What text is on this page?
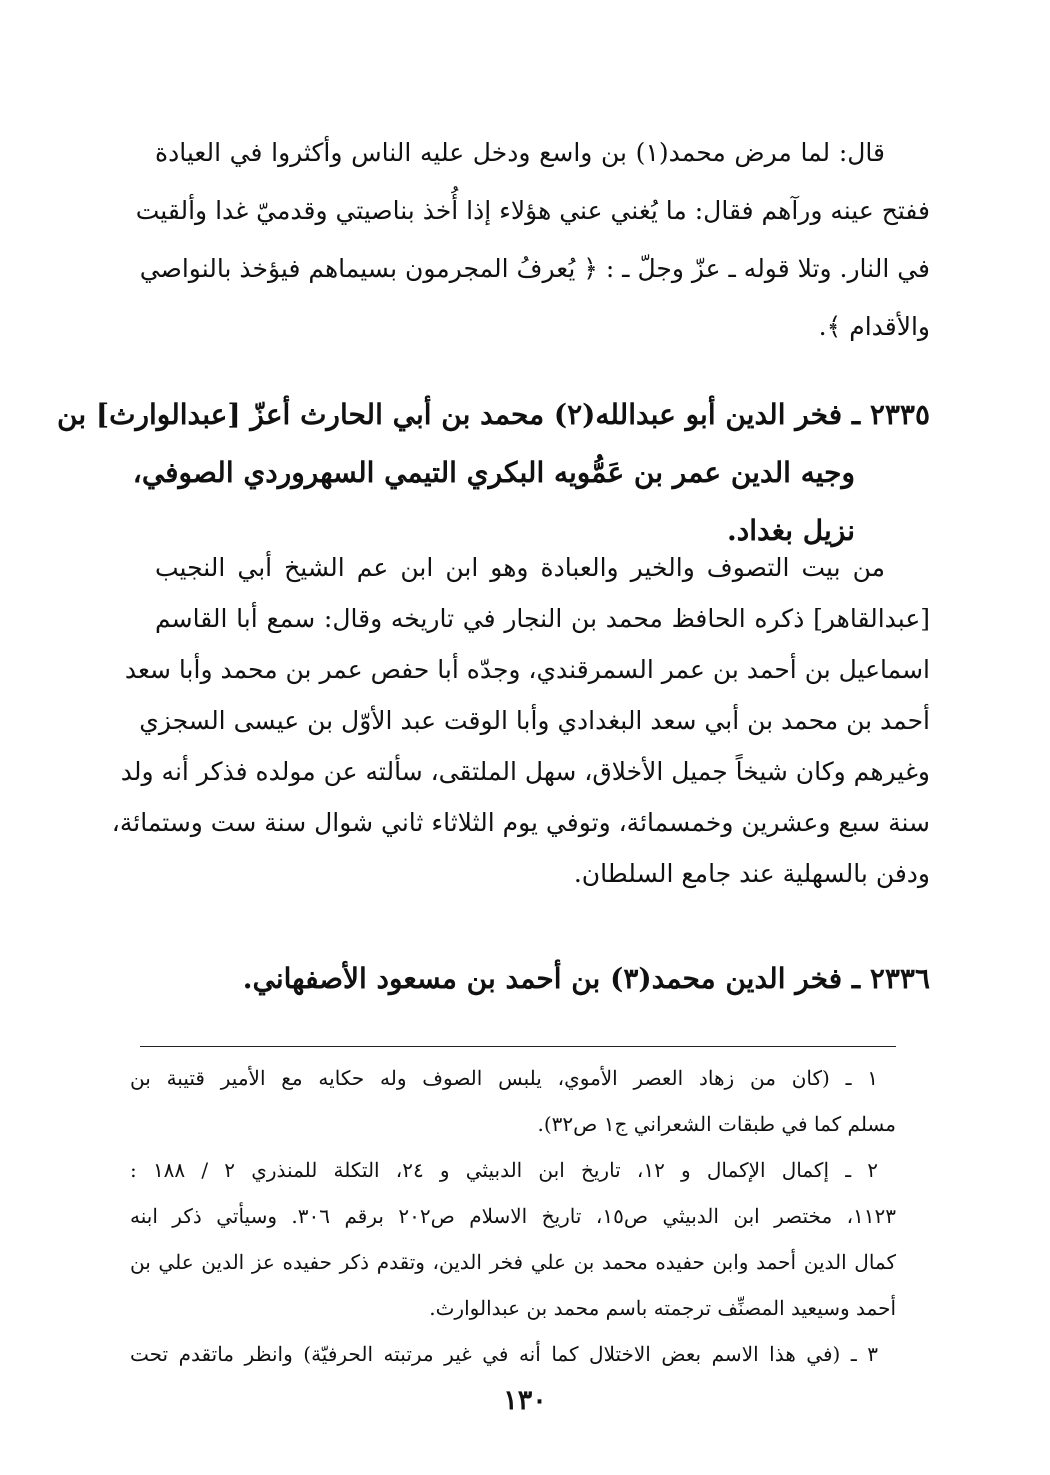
قال: لما مرض محمد(١) بن واسع ودخل عليه الناس وأكثروا في العيادة
ففتح عينه ورآهم فقال: ما يُغني عني هؤلاء إذا أُخذ بناصيتي وقدميّ غدا وألقيت
في النار. وتلا قوله ـ عزّ وجلّ ـ : ﴿ يُعرفُ المجرمون بسيماهم فيؤخذ بالنواصي
والأقدام ﴾.
٢٣٣٥ ـ فخر الدين أبو عبدالله(٢) محمد بن أبي الحارث أعزّ [عبدالوارث] بن
وجيه الدين عمر بن عَمُّويه البكري التيمي السهروردي الصوفي،
نزيل بغداد.
من بيت التصوف والخير والعبادة وهو ابن ابن عم الشيخ أبي النجيب
[عبدالقاهر] ذكره الحافظ محمد بن النجار في تاريخه وقال: سمع أبا القاسم
اسماعيل بن أحمد بن عمر السمرقندي، وجدّه أبا حفص عمر بن محمد وأبا سعد
أحمد بن محمد بن أبي سعد البغدادي وأبا الوقت عبد الأوّل بن عيسى السجزي
وغيرهم وكان شيخاً جميل الأخلاق، سهل الملتقى، سألته عن مولده فذكر أنه ولد
سنة سبع وعشرين وخمسمائة، وتوفي يوم الثلاثاء ثاني شوال سنة ست وستمائة،
ودفن بالسهلية عند جامع السلطان.
٢٣٣٦ ـ فخر الدين محمد(٣) بن أحمد بن مسعود الأصفهاني.
١ ـ (كان من زهاد العصر الأموي، يلبس الصوف وله حكايه مع الأمير قتيبة بن
مسلم كما في طبقات الشعراني ج١ ص٣٢).
٢ ـ إكمال الإكمال و ١٢، تاريخ ابن الدبيثي و ٢٤، التكلة للمنذري ٢ / ١٨٨ :
١١٢٣، مختصر ابن الدبيثي ص١٥، تاريخ الاسلام ص٢٠٢ برقم ٣٠٦. وسيأتي ذكر ابنه
كمال الدين أحمد وابن حفيده محمد بن علي فخر الدين، وتقدم ذكر حفيده عز الدين علي بن
أحمد وسيعيد المصنِّف ترجمته باسم محمد بن عبدالوارث.
٣ ـ (في هذا الاسم بعض الاختلال كما أنه في غير مرتبته الحرفيّة) وانظر ماتقدم تحت
١٣٠
